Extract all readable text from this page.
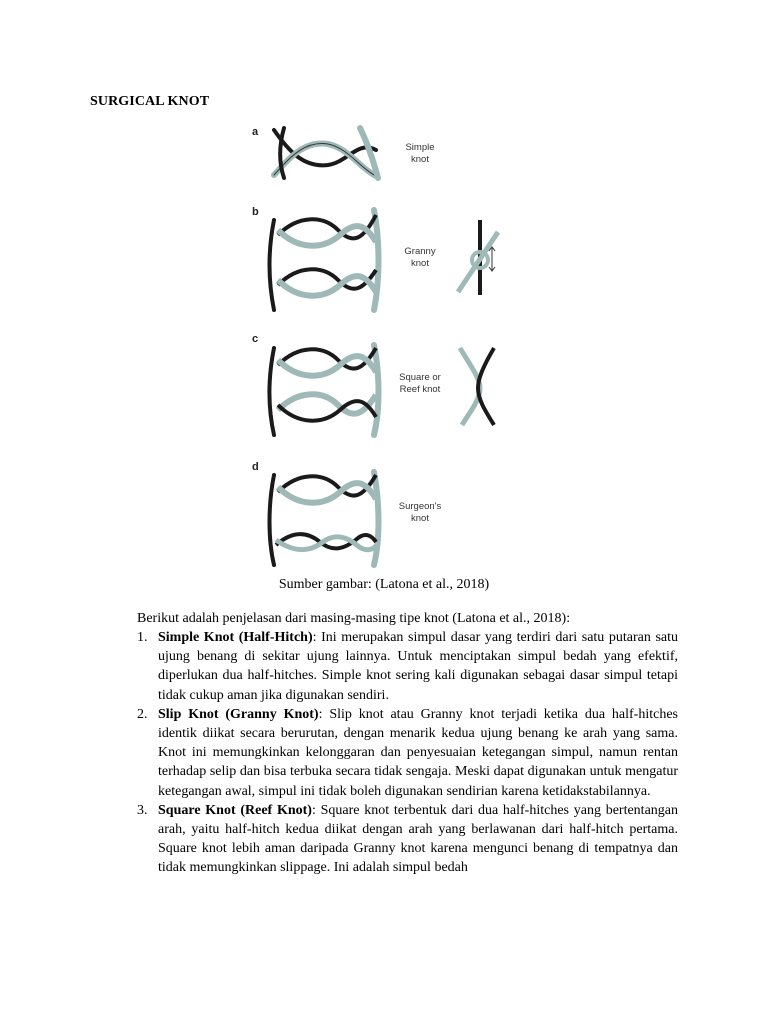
SURGICAL KNOT
a
Simple
knot
b
Granny
knot
c
Square or
Reef knot
d
Surgeon's
knot
Sumber gambar: (Latona et al., 2018)
Berikut adalah penjelasan dari masing-masing tipe knot (Latona et al., 2018):
1. Simple Knot (Half-Hitch): Ini merupakan simpul dasar yang terdiri dari satu putaran satu ujung benang di sekitar ujung lainnya. Untuk menciptakan simpul bedah yang efektif, diperlukan dua half-hitches. Simple knot sering kali digunakan sebagai dasar simpul tetapi tidak cukup aman jika digunakan sendiri.
2. Slip Knot (Granny Knot): Slip knot atau Granny knot terjadi ketika dua half-hitches identik diikat secara berurutan, dengan menarik kedua ujung benang ke arah yang sama. Knot ini memungkinkan kelonggaran dan penyesuaian ketegangan simpul, namun rentan terhadap selip dan bisa terbuka secara tidak sengaja. Meski dapat digunakan untuk mengatur ketegangan awal, simpul ini tidak boleh digunakan sendirian karena ketidakstabilannya.
3. Square Knot (Reef Knot): Square knot terbentuk dari dua half-hitches yang bertentangan arah, yaitu half-hitch kedua diikat dengan arah yang berlawanan dari half-hitch pertama. Square knot lebih aman daripada Granny knot karena mengunci benang di tempatnya dan tidak memungkinkan slippage. Ini adalah simpul bedah
